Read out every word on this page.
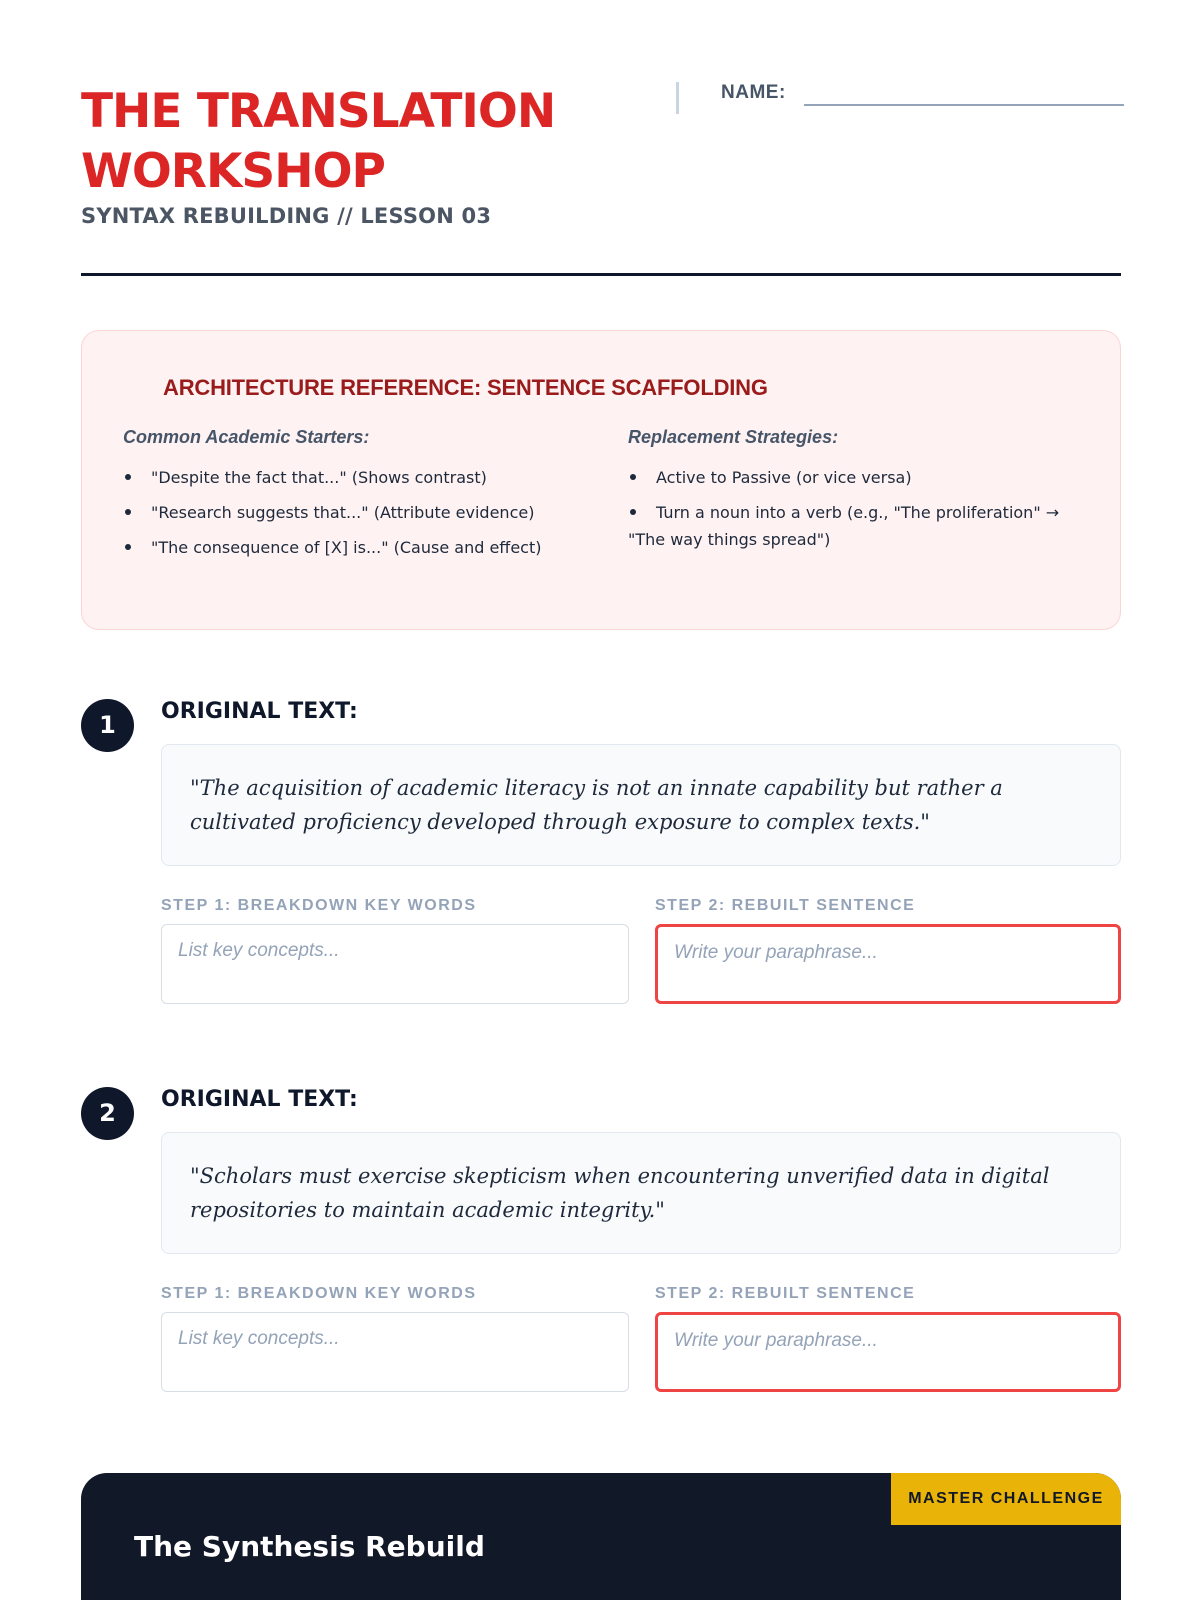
THE TRANSLATION WORKSHOP
SYNTAX REBUILDING // LESSON 03
NAME:
ARCHITECTURE REFERENCE: SENTENCE SCAFFOLDING
Common Academic Starters:
"Despite the fact that..." (Shows contrast)
"Research suggests that..." (Attribute evidence)
"The consequence of [X] is..." (Cause and effect)
Replacement Strategies:
Active to Passive (or vice versa)
Turn a noun into a verb (e.g., "The proliferation" → "The way things spread")
1	ORIGINAL TEXT:
"The acquisition of academic literacy is not an innate capability but rather a cultivated proficiency developed through exposure to complex texts."
STEP 1: BREAKDOWN KEY WORDS
List key concepts...
STEP 2: REBUILT SENTENCE
Write your paraphrase...
2	ORIGINAL TEXT:
"Scholars must exercise skepticism when encountering unverified data in digital repositories to maintain academic integrity."
STEP 1: BREAKDOWN KEY WORDS
List key concepts...
STEP 2: REBUILT SENTENCE
Write your paraphrase...
MASTER CHALLENGE
The Synthesis Rebuild
